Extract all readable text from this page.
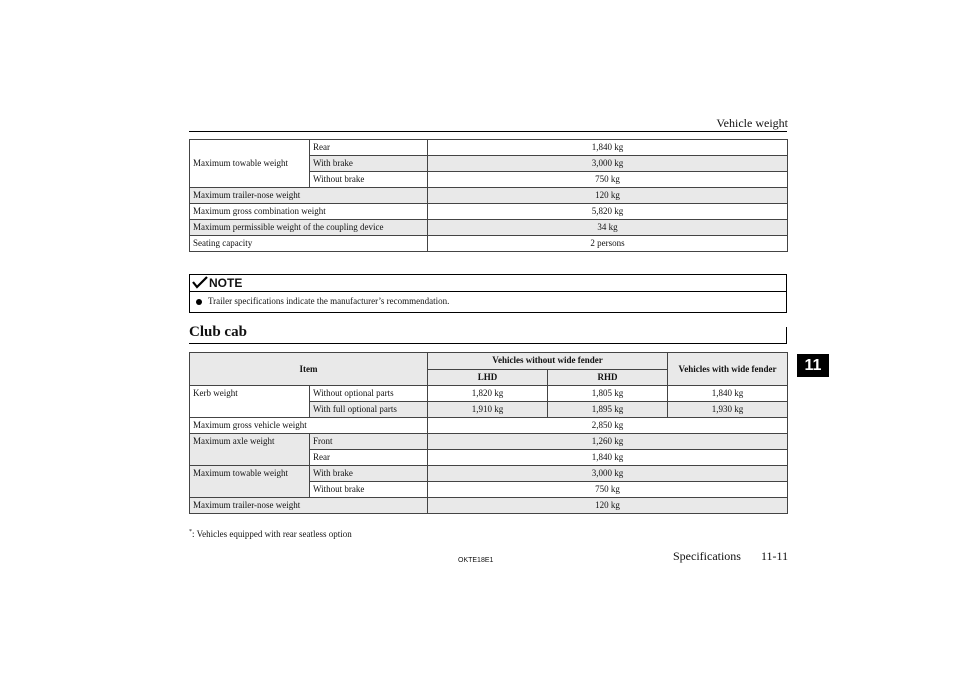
Vehicle weight
Maximum towable weight	Rear	1,840 kg
	With brake	3,000 kg
	Without brake	750 kg
Maximum trailer-nose weight		120 kg
Maximum gross combination weight		5,820 kg
Maximum permissible weight of the coupling device		34 kg
Seating capacity		2 persons
NOTE
Trailer specifications indicate the manufacturer’s recommendation.
Club cab
Item		Vehicles without wide fender		Vehicles with wide fender
		LHD	RHD	
Kerb weight	Without optional parts	1,820 kg	1,805 kg	1,840 kg
	With full optional parts	1,910 kg	1,895 kg	1,930 kg
Maximum gross vehicle weight		2,850 kg		
Maximum axle weight	Front	1,260 kg		
	Rear	1,840 kg		
Maximum towable weight	With brake	3,000 kg		
	Without brake	750 kg		
Maximum trailer-nose weight		120 kg		
*: Vehicles equipped with rear seatless option
OKTE18E1	Specifications 11-11
11
